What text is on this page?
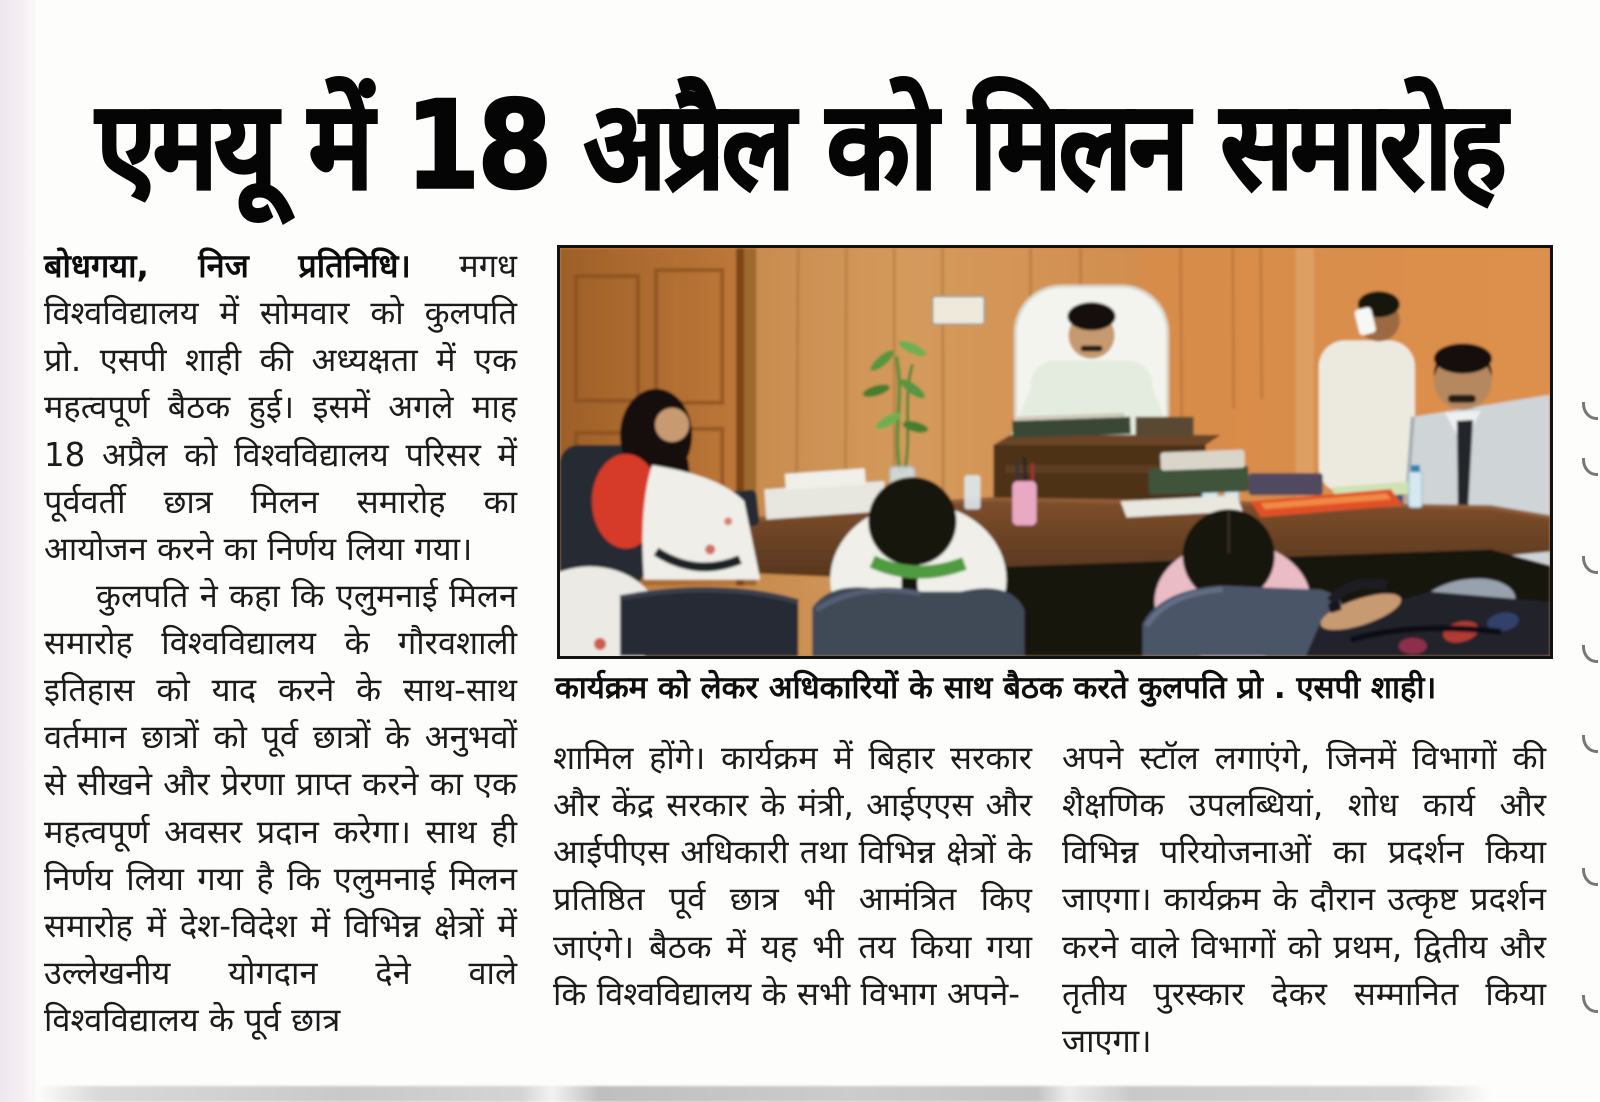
एमयू में 18 अप्रैल को मिलन समारोह

बोधगया, निज प्रतिनिधि। मगध विश्वविद्यालय में सोमवार को कुलपति प्रो. एसपी शाही की अध्यक्षता में एक महत्वपूर्ण बैठक हुई। इसमें अगले माह 18 अप्रैल को विश्वविद्यालय परिसर में पूर्ववर्ती छात्र मिलन समारोह का आयोजन करने का निर्णय लिया गया।

कुलपति ने कहा कि एलुमनाई मिलन समारोह विश्वविद्यालय के गौरवशाली इतिहास को याद करने के साथ-साथ वर्तमान छात्रों को पूर्व छात्रों के अनुभवों से सीखने और प्रेरणा प्राप्त करने का एक महत्वपूर्ण अवसर प्रदान करेगा। साथ ही निर्णय लिया गया है कि एलुमनाई मिलन समारोह में देश-विदेश में विभिन्न क्षेत्रों में उल्लेखनीय योगदान देने वाले विश्वविद्यालय के पूर्व छात्र

कार्यक्रम को लेकर अधिकारियों के साथ बैठक करते कुलपति प्रो . एसपी शाही।

शामिल होंगे। कार्यक्रम में बिहार सरकार और केंद्र सरकार के मंत्री, आईएएस और आईपीएस अधिकारी तथा विभिन्न क्षेत्रों के प्रतिष्ठित पूर्व छात्र भी आमंत्रित किए जाएंगे। बैठक में यह भी तय किया गया कि विश्वविद्यालय के सभी विभाग अपने-

अपने स्टॉल लगाएंगे, जिनमें विभागों की शैक्षणिक उपलब्धियां, शोध कार्य और विभिन्न परियोजनाओं का प्रदर्शन किया जाएगा। कार्यक्रम के दौरान उत्कृष्ट प्रदर्शन करने वाले विभागों को प्रथम, द्वितीय और तृतीय पुरस्कार देकर सम्मानित किया जाएगा।
